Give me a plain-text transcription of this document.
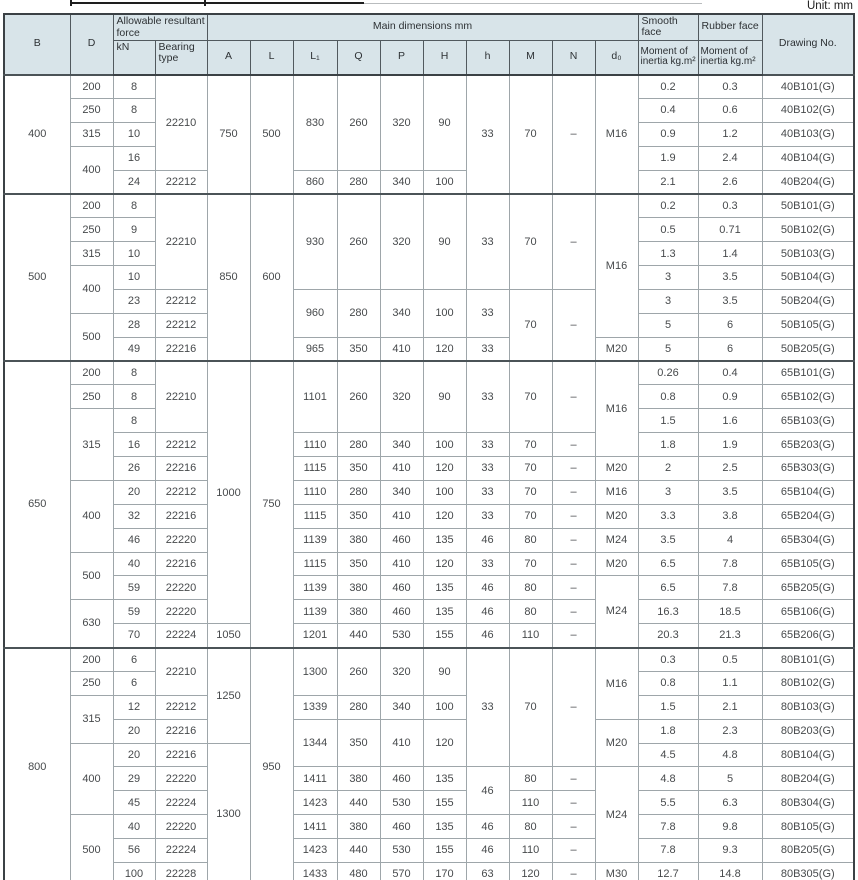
Unit: mm
B	D	Allowable resultant force		Main dimensions mm										Smooth face	Rubber face	Drawing No.
		kN	Bearing type	A	L	L₁	Q	P	H	h	M	N	d₀	Moment of inertia kg.m²	Moment of inertia kg.m²	
400	200	8	22210	750	500	830	260	320	90	33	70	–	M16	0.2	0.3	40B101(G)
	250	8												0.4	0.6	40B102(G)
	315	10												0.9	1.2	40B103(G)
	400	16												1.9	2.4	40B104(G)
		24	22212			860	280	340	100					2.1	2.6	40B204(G)
500	200	8	22210	850	600	930	260	320	90	33	70	–	M16	0.2	0.3	50B101(G)
	250	9												0.5	0.71	50B102(G)
	315	10												1.3	1.4	50B103(G)
	400	10												3	3.5	50B104(G)
		23	22212			960	280	340	100	33	70	–		3	3.5	50B204(G)
	500	28	22212											5	6	50B105(G)
		49	22216			965	350	410	120	33			M20	5	6	50B205(G)
650	200	8	22210	1000	750	1101	260	320	90	33	70	–	M16	0.26	0.4	65B101(G)
	250	8												0.8	0.9	65B102(G)
	315	8												1.5	1.6	65B103(G)
		16	22212			1110	280	340	100	33	70	–		1.8	1.9	65B203(G)
		26	22216			1115	350	410	120	33	70	–	M20	2	2.5	65B303(G)
	400	20	22212			1110	280	340	100	33	70	–	M16	3	3.5	65B104(G)
		32	22216			1115	350	410	120	33	70	–	M20	3.3	3.8	65B204(G)
		46	22220			1139	380	460	135	46	80	–	M24	3.5	4	65B304(G)
	500	40	22216			1115	350	410	120	33	70	–	M20	6.5	7.8	65B105(G)
		59	22220			1139	380	460	135	46	80	–	M24	6.5	7.8	65B205(G)
	630	59	22220			1139	380	460	135	46	80	–		16.3	18.5	65B106(G)
		70	22224	1050		1201	440	530	155	46	110	–		20.3	21.3	65B206(G)
800	200	6	22210	1250	950	1300	260	320	90	33	70	–	M16	0.3	0.5	80B101(G)
	250	6												0.8	1.1	80B102(G)
	315	12	22212			1339	280	340	100					1.5	2.1	80B103(G)
		20	22216			1344	350	410	120				M20	1.8	2.3	80B203(G)
	400	20	22216	1300										4.5	4.8	80B104(G)
		29	22220			1411	380	460	135	46	80	–	M24	4.8	5	80B204(G)
		45	22224			1423	440	530	155		110	–		5.5	6.3	80B304(G)
	500	40	22220			1411	380	460	135	46	80	–		7.8	9.8	80B105(G)
		56	22224			1423	440	530	155	46	110	–		7.8	9.3	80B205(G)
		100	22228			1433	480	570	170	63	120	–	M30	12.7	14.8	80B305(G)
